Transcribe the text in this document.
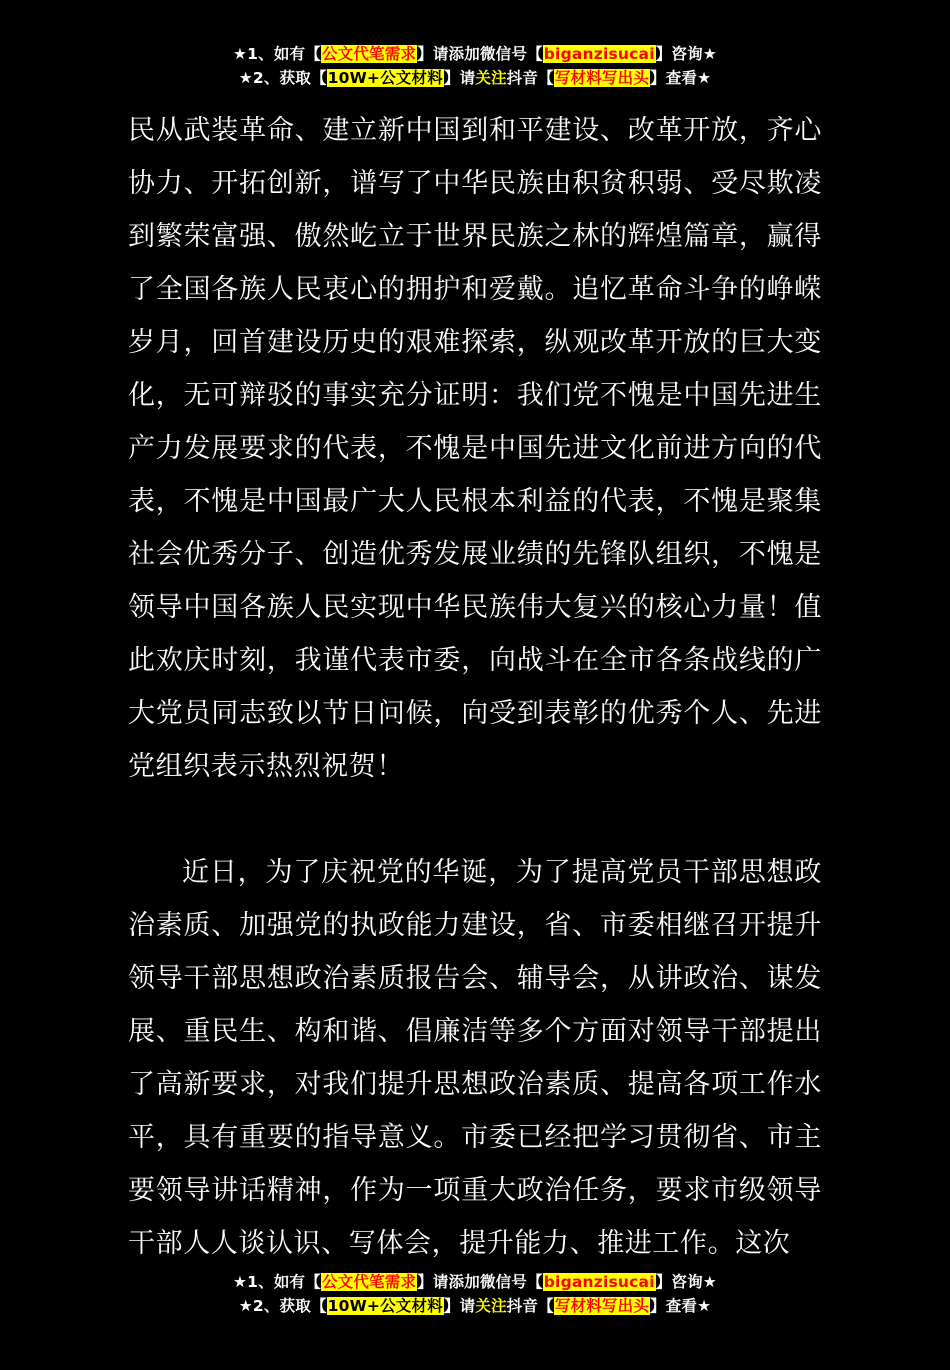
★1、如有【公文代笔需求】请添加微信号【biganzisucai】咨询★
★2、获取【10W+公文材料】请关注抖音【写材料写出头】查看★

民从武装革命、建立新中国到和平建设、改革开放，齐心协力、开拓创新，谱写了中华民族由积贫积弱、受尽欺凌到繁荣富强、傲然屹立于世界民族之林的辉煌篇章，赢得了全国各族人民衷心的拥护和爱戴。追忆革命斗争的峥嵘岁月，回首建设历史的艰难探索，纵观改革开放的巨大变化，无可辩驳的事实充分证明：我们党不愧是中国先进生产力发展要求的代表，不愧是中国先进文化前进方向的代表，不愧是中国最广大人民根本利益的代表，不愧是聚集社会优秀分子、创造优秀发展业绩的先锋队组织，不愧是领导中国各族人民实现中华民族伟大复兴的核心力量！值此欢庆时刻，我谨代表市委，向战斗在全市各条战线的广大党员同志致以节日问候，向受到表彰的优秀个人、先进党组织表示热烈祝贺！

近日，为了庆祝党的华诞，为了提高党员干部思想政治素质、加强党的执政能力建设，省、市委相继召开提升领导干部思想政治素质报告会、辅导会，从讲政治、谋发展、重民生、构和谐、倡廉洁等多个方面对领导干部提出了高新要求，对我们提升思想政治素质、提高各项工作水平，具有重要的指导意义。市委已经把学习贯彻省、市主要领导讲话精神，作为一项重大政治任务，要求市级领导干部人人谈认识、写体会，提升能力、推进工作。这次

★1、如有【公文代笔需求】请添加微信号【biganzisucai】咨询★
★2、获取【10W+公文材料】请关注抖音【写材料写出头】查看★
